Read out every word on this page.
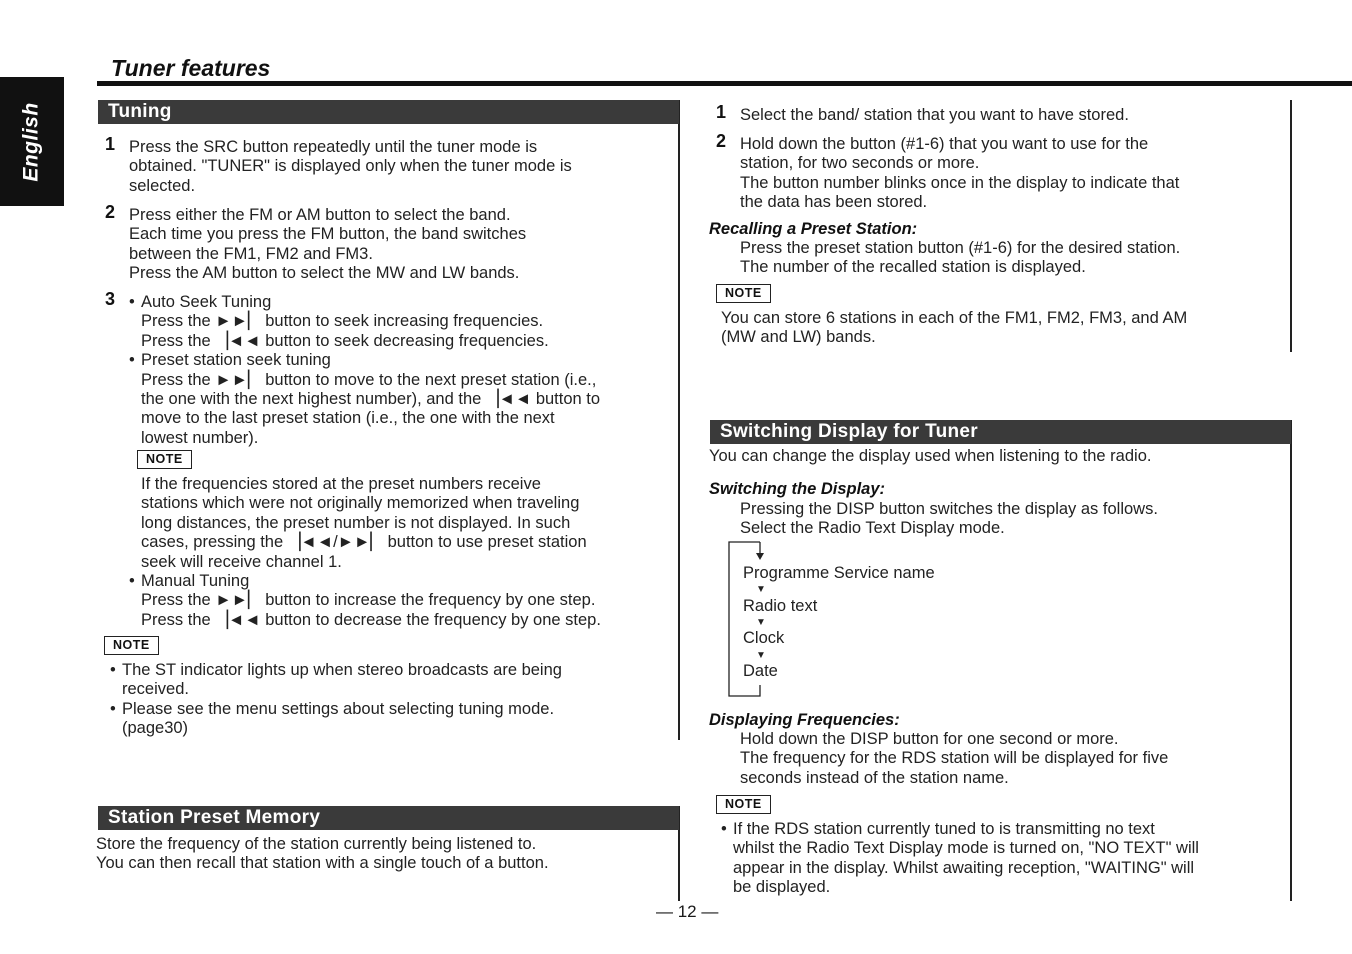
English
Tuner features
Tuning
1 Press the SRC button repeatedly until the tuner mode is
obtained. "TUNER" is displayed only when the tuner mode is
selected.
2 Press either the FM or AM button to select the band.
Each time you press the FM button, the band switches
between the FM1, FM2 and FM3.
Press the AM button to select the MW and LW bands.
3 • Auto Seek Tuning
Press the ►►▏ button to seek increasing frequencies.
Press the ▕◄◄ button to seek decreasing frequencies.
• Preset station seek tuning
Press the ►►▏ button to move to the next preset station (i.e.,
the one with the next highest number), and the ▕◄◄ button to
move to the last preset station (i.e., the one with the next
lowest number).
NOTE
If the frequencies stored at the preset numbers receive
stations which were not originally memorized when traveling
long distances, the preset number is not displayed. In such
cases, pressing the ▕◄◄/►►▏ button to use preset station
seek will receive channel 1.
• Manual Tuning
Press the ►►▏ button to increase the frequency by one step.
Press the ▕◄◄ button to decrease the frequency by one step.
NOTE
• The ST indicator lights up when stereo broadcasts are being
received.
• Please see the menu settings about selecting tuning mode.
(page30)
Station Preset Memory
Store the frequency of the station currently being listened to.
You can then recall that station with a single touch of a button.
1 Select the band/ station that you want to have stored.
2 Hold down the button (#1-6) that you want to use for the
station, for two seconds or more.
The button number blinks once in the display to indicate that
the data has been stored.
Recalling a Preset Station:
Press the preset station button (#1-6) for the desired station.
The number of the recalled station is displayed.
NOTE
You can store 6 stations in each of the FM1, FM2, FM3, and AM
(MW and LW) bands.
Switching Display for Tuner
You can change the display used when listening to the radio.
Switching the Display:
Pressing the DISP button switches the display as follows.
Select the Radio Text Display mode.
Programme Service name
▼
Radio text
▼
Clock
▼
Date
Displaying Frequencies:
Hold down the DISP button for one second or more.
The frequency for the RDS station will be displayed for five
seconds instead of the station name.
NOTE
• If the RDS station currently tuned to is transmitting no text
whilst the Radio Text Display mode is turned on, "NO TEXT" will
appear in the display. Whilst awaiting reception, "WAITING" will
be displayed.
— 12 —
